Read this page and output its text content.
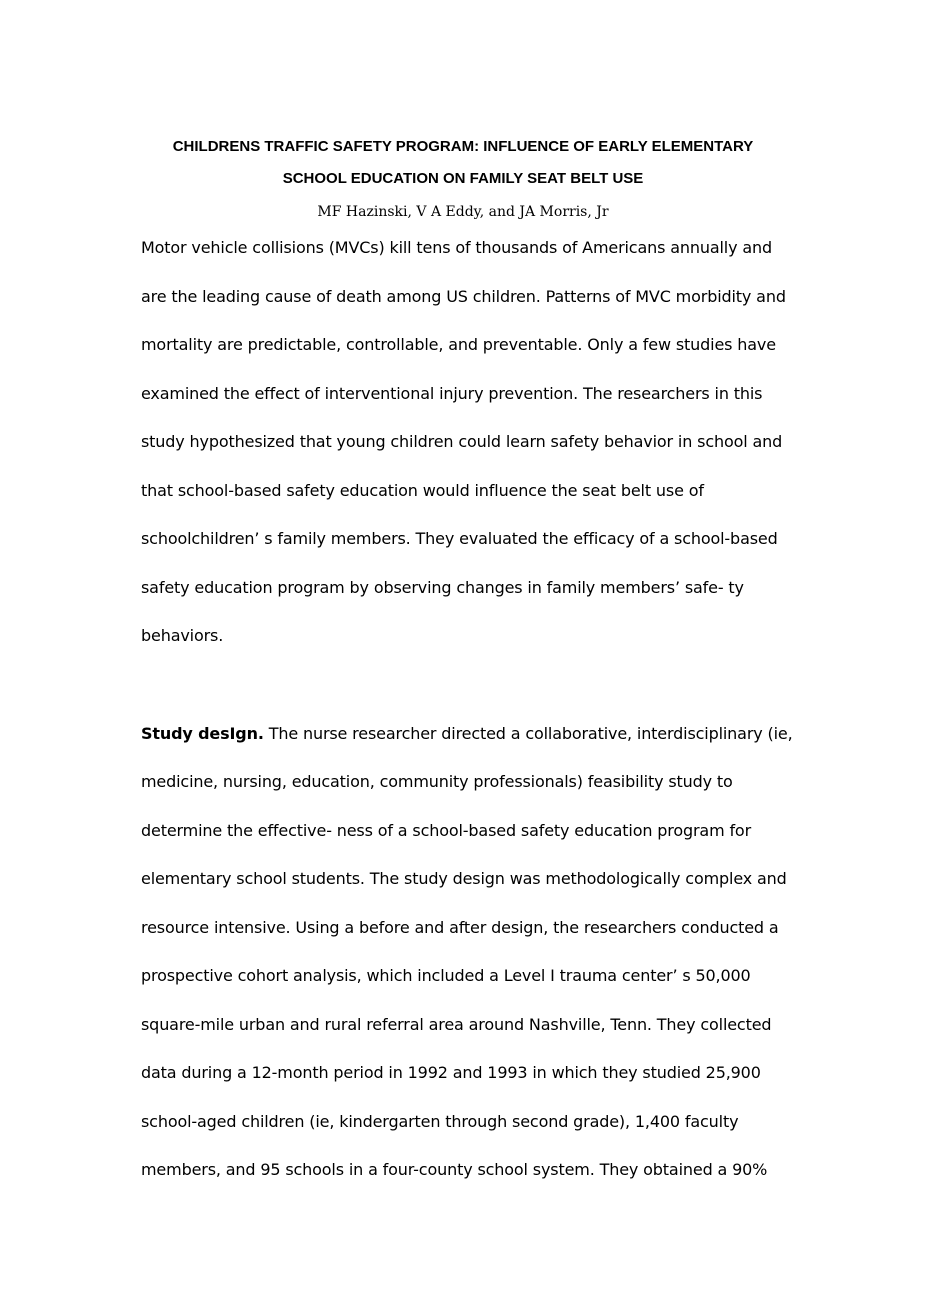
CHILDRENS TRAFFIC SAFETY PROGRAM: INFLUENCE OF EARLY ELEMENTARY
SCHOOL EDUCATION ON FAMILY SEAT BELT USE
MF Hazinski, V A Eddy, and JA Morris, Jr
Motor vehicle collisions (MVCs) kill tens of thousands of Americans annually and
are the leading cause of death among US children. Patterns of MVC morbidity and
mortality are predictable, controllable, and preventable. Only a few studies have
examined the effect of interventional injury prevention. The researchers in this
study hypothesized that young children could learn safety behavior in school and
that school-based safety education would influence the seat belt use of
schoolchildren’ s family members. They evaluated the efficacy of a school-based
safety education program by observing changes in family members’ safe- ty
behaviors.
Study desIgn. The nurse researcher directed a collaborative, interdisciplinary (ie,
medicine, nursing, education, community professionals) feasibility study to
determine the effective- ness of a school-based safety education program for
elementary school students. The study design was methodologically complex and
resource intensive. Using a before and after design, the researchers conducted a
prospective cohort analysis, which included a Level I trauma center’ s 50,000
square-mile urban and rural referral area around Nashville, Tenn. They collected
data during a 12-month period in 1992 and 1993 in which they studied 25,900
school-aged children (ie, kindergarten through second grade), 1,400 faculty
members, and 95 schools in a four-county school system. They obtained a 90%
